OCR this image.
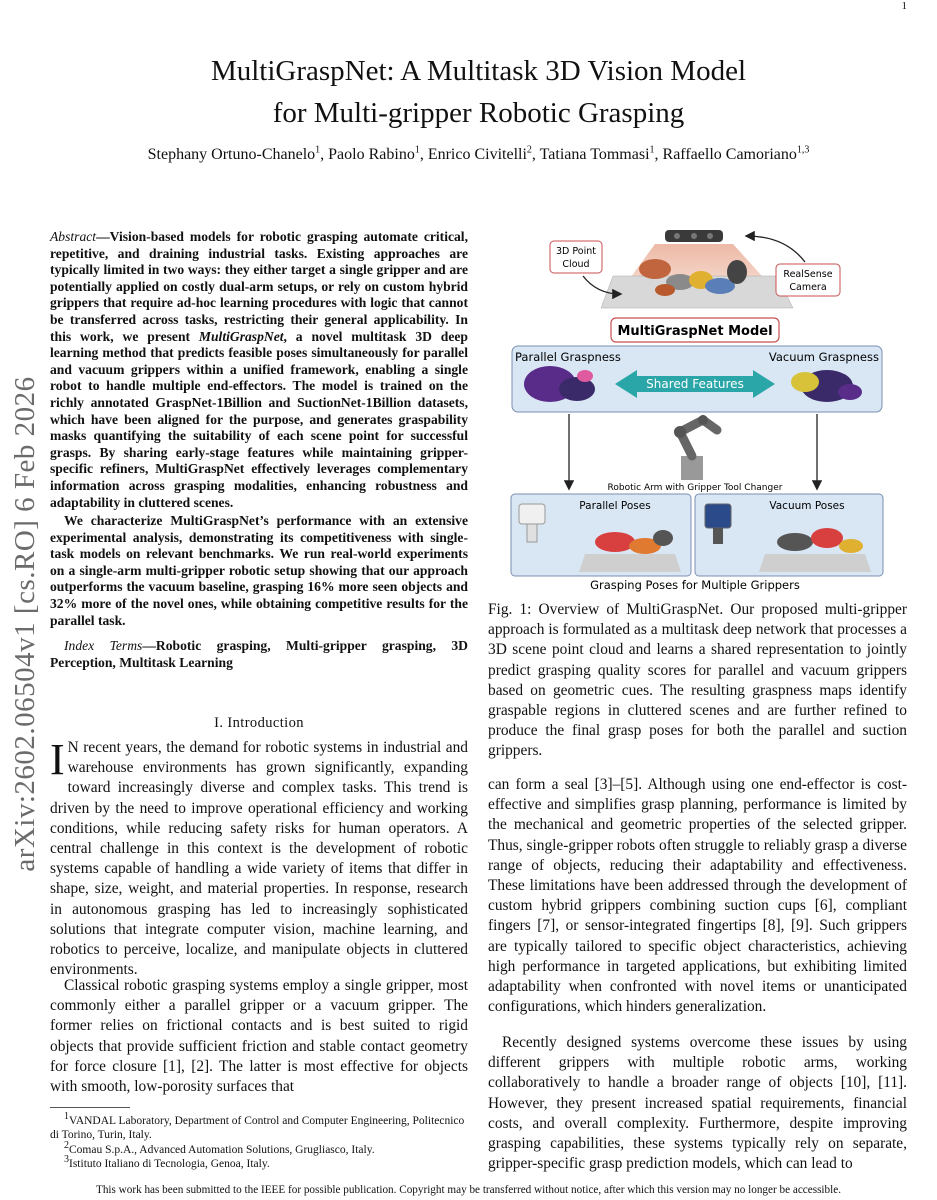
1
arXiv:2602.06504v1 [cs.RO] 6 Feb 2026
MultiGraspNet: A Multitask 3D Vision Model
for Multi-gripper Robotic Grasping
Stephany Ortuno-Chanelo$^1$, Paolo Rabino$^1$, Enrico Civitelli$^2$, Tatiana Tommasi$^1$, Raffaello Camoriano$^{1,3}$

Abstract—Vision-based models for robotic grasping automate critical, repetitive, and draining industrial tasks. Existing approaches are typically limited in two ways: they either target a single gripper and are potentially applied on costly dual-arm setups, or rely on custom hybrid grippers that require ad-hoc learning procedures with logic that cannot be transferred across tasks, restricting their general applicability. In this work, we present MultiGraspNet, a novel multitask 3D deep learning method that predicts feasible poses simultaneously for parallel and vacuum grippers within a unified framework, enabling a single robot to handle multiple end-effectors. The model is trained on the richly annotated GraspNet-1Billion and SuctionNet-1Billion datasets, which have been aligned for the purpose, and generates graspability masks quantifying the suitability of each scene point for successful grasps. By sharing early-stage features while maintaining gripper-specific refiners, MultiGraspNet effectively leverages complementary information across grasping modalities, enhancing robustness and adaptability in cluttered scenes.

We characterize MultiGraspNet’s performance with an extensive experimental analysis, demonstrating its competitiveness with single-task models on relevant benchmarks. We run real-world experiments on a single-arm multi-gripper robotic setup showing that our approach outperforms the vacuum baseline, grasping 16% more seen objects and 32% more of the novel ones, while obtaining competitive results for the parallel task.

Index Terms—Robotic grasping, Multi-gripper grasping, 3D Perception, Multitask Learning

I. Introduction

I N recent years, the demand for robotic systems in industrial and warehouse environments has grown significantly, expanding toward increasingly diverse and complex tasks. This trend is driven by the need to improve operational efficiency and working conditions, while reducing safety risks for human operators. A central challenge in this context is the development of robotic systems capable of handling a wide variety of items that differ in shape, size, weight, and material properties. In response, research in autonomous grasping has led to increasingly sophisticated solutions that integrate computer vision, machine learning, and robotics to perceive, localize, and manipulate objects in cluttered environments.

Classical robotic grasping systems employ a single gripper, most commonly either a parallel gripper or a vacuum gripper. The former relies on frictional contacts and is best suited to rigid objects that provide sufficient friction and stable contact geometry for force closure [1], [2]. The latter is most effective for objects with smooth, low-porosity surfaces that
$^1$VANDAL Laboratory, Department of Control and Computer Engineering, Politecnico di Torino, Turin, Italy.
$^2$Comau S.p.A., Advanced Automation Solutions, Grugliasco, Italy.
$^3$Istituto Italiano di Tecnologia, Genoa, Italy.
3D Point
Cloud
RealSense
Camera
MultiGraspNet Model
Parallel Graspness	Vacuum Graspness
Shared Features
Robotic Arm with Gripper Tool Changer
Parallel Poses	Vacuum Poses
Grasping Poses for Multiple Grippers
Fig. 1: Overview of MultiGraspNet. Our proposed multi-gripper approach is formulated as a multitask deep network that processes a 3D scene point cloud and learns a shared representation to jointly predict grasping quality scores for parallel and vacuum grippers based on geometric cues. The resulting graspness maps identify graspable regions in cluttered scenes and are further refined to produce the final grasp poses for both the parallel and suction grippers.
can form a seal [3]–[5]. Although using one end-effector is cost-effective and simplifies grasp planning, performance is limited by the mechanical and geometric properties of the selected gripper. Thus, single-gripper robots often struggle to reliably grasp a diverse range of objects, reducing their adaptability and effectiveness. These limitations have been addressed through the development of custom hybrid grippers combining suction cups [6], compliant fingers [7], or sensor-integrated fingertips [8], [9]. Such grippers are typically tailored to specific object characteristics, achieving high performance in targeted applications, but exhibiting limited adaptability when confronted with novel items or unanticipated configurations, which hinders generalization.
Recently designed systems overcome these issues by using different grippers with multiple robotic arms, working collaboratively to handle a broader range of objects [10], [11]. However, they present increased spatial requirements, financial costs, and overall complexity. Furthermore, despite improving grasping capabilities, these systems typically rely on separate, gripper-specific grasp prediction models, which can lead to
This work has been submitted to the IEEE for possible publication. Copyright may be transferred without notice, after which this version may no longer be accessible.
